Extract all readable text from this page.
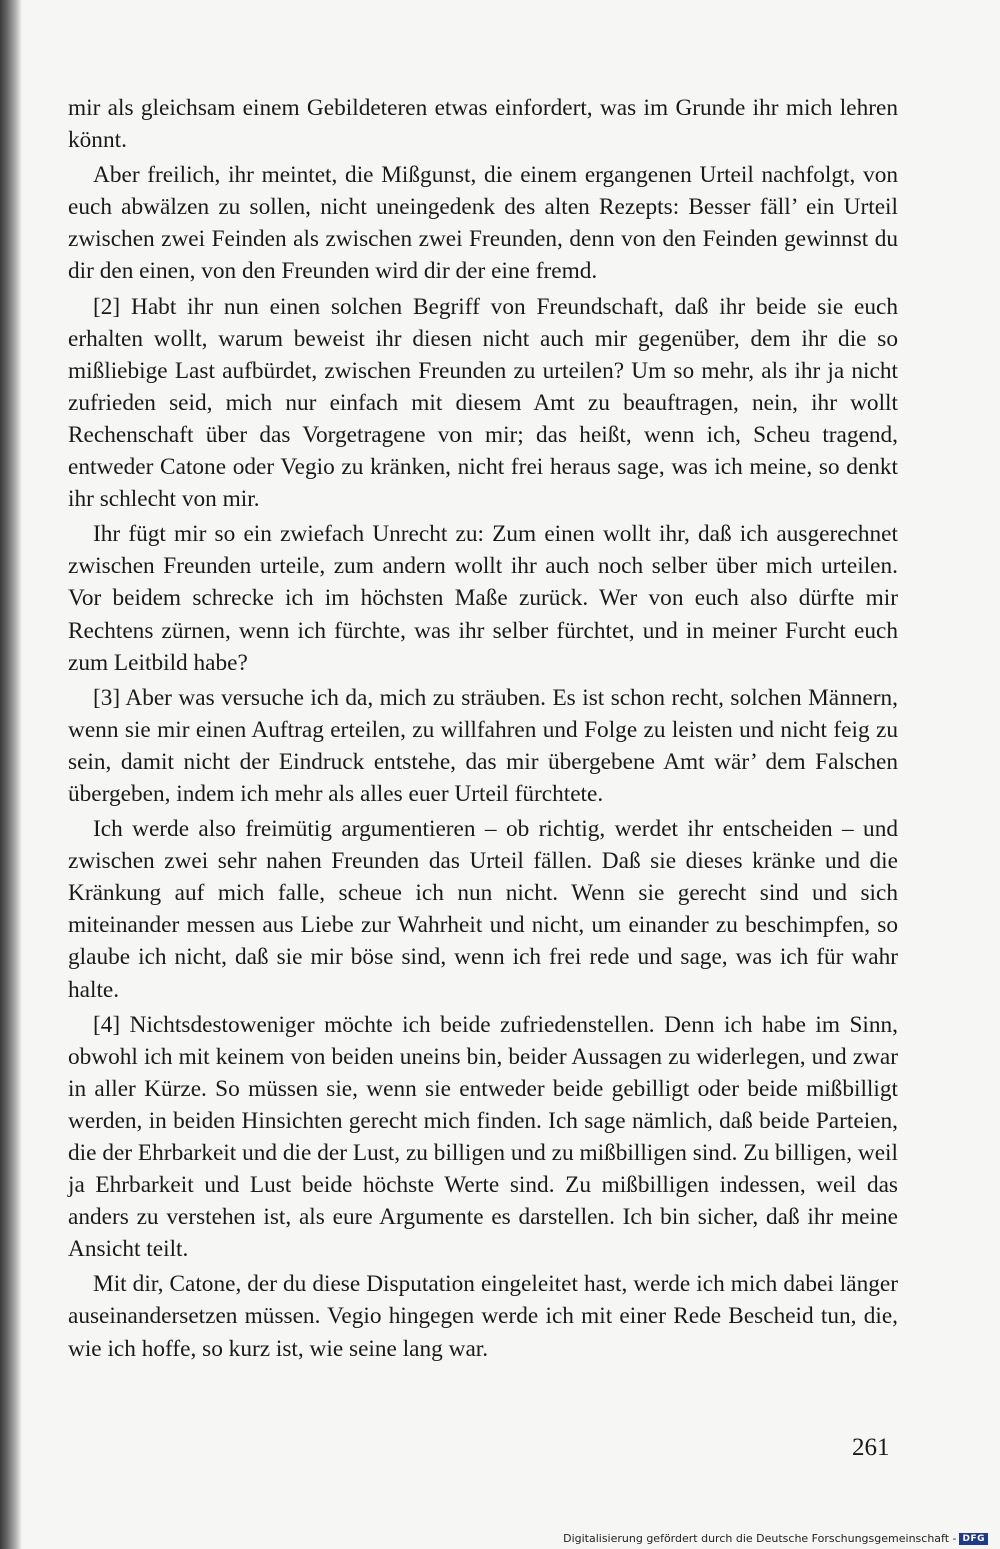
mir als gleichsam einem Gebildeteren etwas einfordert, was im Grunde ihr mich lehren könnt.

Aber freilich, ihr meintet, die Mißgunst, die einem ergangenen Urteil nachfolgt, von euch abwälzen zu sollen, nicht uneingedenk des alten Rezepts: Besser fäll’ ein Urteil zwischen zwei Feinden als zwischen zwei Freunden, denn von den Feinden gewinnst du dir den einen, von den Freunden wird dir der eine fremd.

[2] Habt ihr nun einen solchen Begriff von Freundschaft, daß ihr beide sie euch erhalten wollt, warum beweist ihr diesen nicht auch mir gegenüber, dem ihr die so mißliebige Last aufbürdet, zwischen Freunden zu urteilen? Um so mehr, als ihr ja nicht zufrieden seid, mich nur einfach mit diesem Amt zu beauftragen, nein, ihr wollt Rechenschaft über das Vorgetragene von mir; das heißt, wenn ich, Scheu tragend, entweder Catone oder Vegio zu kränken, nicht frei heraus sage, was ich meine, so denkt ihr schlecht von mir.

Ihr fügt mir so ein zwiefach Unrecht zu: Zum einen wollt ihr, daß ich ausgerechnet zwischen Freunden urteile, zum andern wollt ihr auch noch selber über mich urteilen. Vor beidem schrecke ich im höchsten Maße zurück. Wer von euch also dürfte mir Rechtens zürnen, wenn ich fürchte, was ihr selber fürchtet, und in meiner Furcht euch zum Leitbild habe?

[3] Aber was versuche ich da, mich zu sträuben. Es ist schon recht, solchen Männern, wenn sie mir einen Auftrag erteilen, zu willfahren und Folge zu leisten und nicht feig zu sein, damit nicht der Eindruck entstehe, das mir übergebene Amt wär’ dem Falschen übergeben, indem ich mehr als alles euer Urteil fürchtete.

Ich werde also freimütig argumentieren – ob richtig, werdet ihr entscheiden – und zwischen zwei sehr nahen Freunden das Urteil fällen. Daß sie dieses kränke und die Kränkung auf mich falle, scheue ich nun nicht. Wenn sie gerecht sind und sich miteinander messen aus Liebe zur Wahrheit und nicht, um einander zu beschimpfen, so glaube ich nicht, daß sie mir böse sind, wenn ich frei rede und sage, was ich für wahr halte.

[4] Nichtsdestoweniger möchte ich beide zufriedenstellen. Denn ich habe im Sinn, obwohl ich mit keinem von beiden uneins bin, beider Aussagen zu widerlegen, und zwar in aller Kürze. So müssen sie, wenn sie entweder beide gebilligt oder beide mißbilligt werden, in beiden Hinsichten gerecht mich finden. Ich sage nämlich, daß beide Parteien, die der Ehrbarkeit und die der Lust, zu billigen und zu mißbilligen sind. Zu billigen, weil ja Ehrbarkeit und Lust beide höchste Werte sind. Zu mißbilligen indessen, weil das anders zu verstehen ist, als eure Argumente es darstellen. Ich bin sicher, daß ihr meine Ansicht teilt.

Mit dir, Catone, der du diese Disputation eingeleitet hast, werde ich mich dabei länger auseinandersetzen müssen. Vegio hingegen werde ich mit einer Rede Bescheid tun, die, wie ich hoffe, so kurz ist, wie seine lang war.

261
Digitalisierung gefördert durch die Deutsche Forschungsgemeinschaft - DFG
